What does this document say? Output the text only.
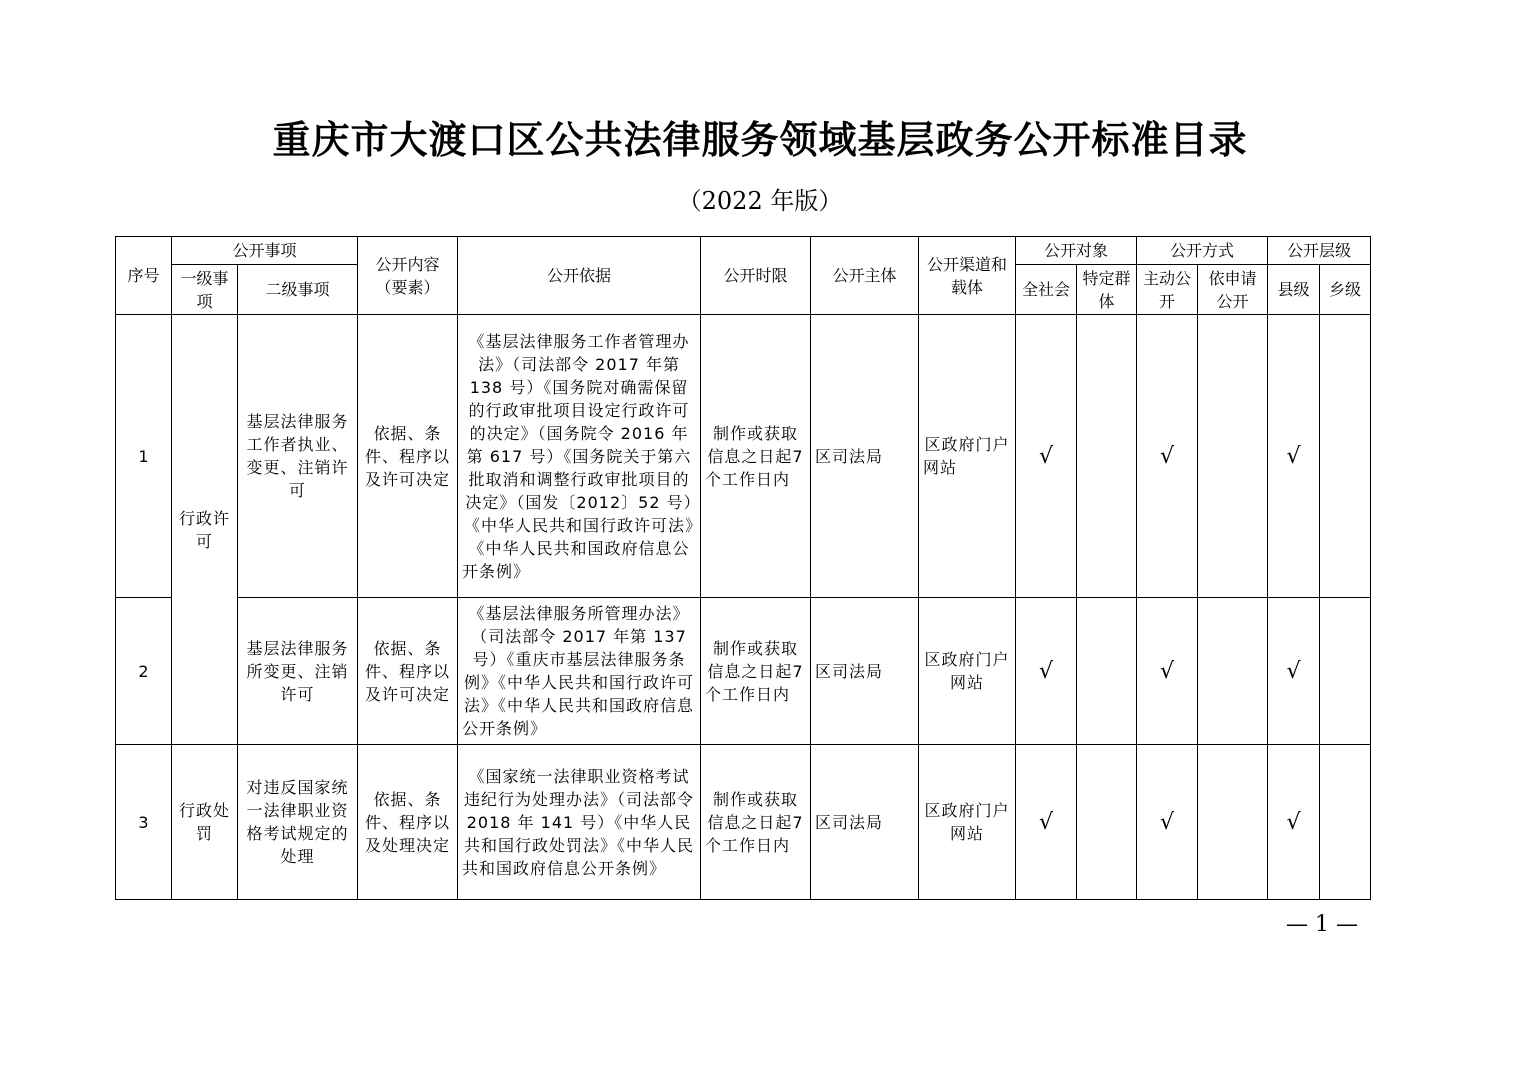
重庆市大渡口区公共法律服务领域基层政务公开标准目录
（2022 年版）
序号	公开事项		公开内容（要素）	公开依据	公开时限	公开主体	公开渠道和载体	公开对象		公开方式		公开层级	
	一级事项	二级事项						全社会	特定群体	主动公开	依申请公开	县级	乡级
1	行政许可	基层法律服务工作者执业、变更、注销许可	依据、条件、程序以及许可决定	《基层法律服务工作者管理办法》（司法部令 2017 年第 138 号）《国务院对确需保留的行政审批项目设定行政许可的决定》（国务院令 2016 年第 617 号）《国务院关于第六批取消和调整行政审批项目的决定》（国发〔2012〕52 号）《中华人民共和国行政许可法》《中华人民共和国政府信息公开条例》	制作或获取信息之日起7个工作日内	区司法局	区政府门户网站	√		√		√	
2		基层法律服务所变更、注销许可	依据、条件、程序以及许可决定	《基层法律服务所管理办法》（司法部令 2017 年第 137 号）《重庆市基层法律服务条例》《中华人民共和国行政许可法》《中华人民共和国政府信息公开条例》	制作或获取信息之日起7个工作日内	区司法局	区政府门户网站	√		√		√	
3	行政处罚	对违反国家统一法律职业资格考试规定的处理	依据、条件、程序以及处理决定	《国家统一法律职业资格考试违纪行为处理办法》（司法部令 2018 年 141 号）《中华人民共和国行政处罚法》《中华人民共和国政府信息公开条例》	制作或获取信息之日起7个工作日内	区司法局	区政府门户网站	√		√		√	
— 1 —
